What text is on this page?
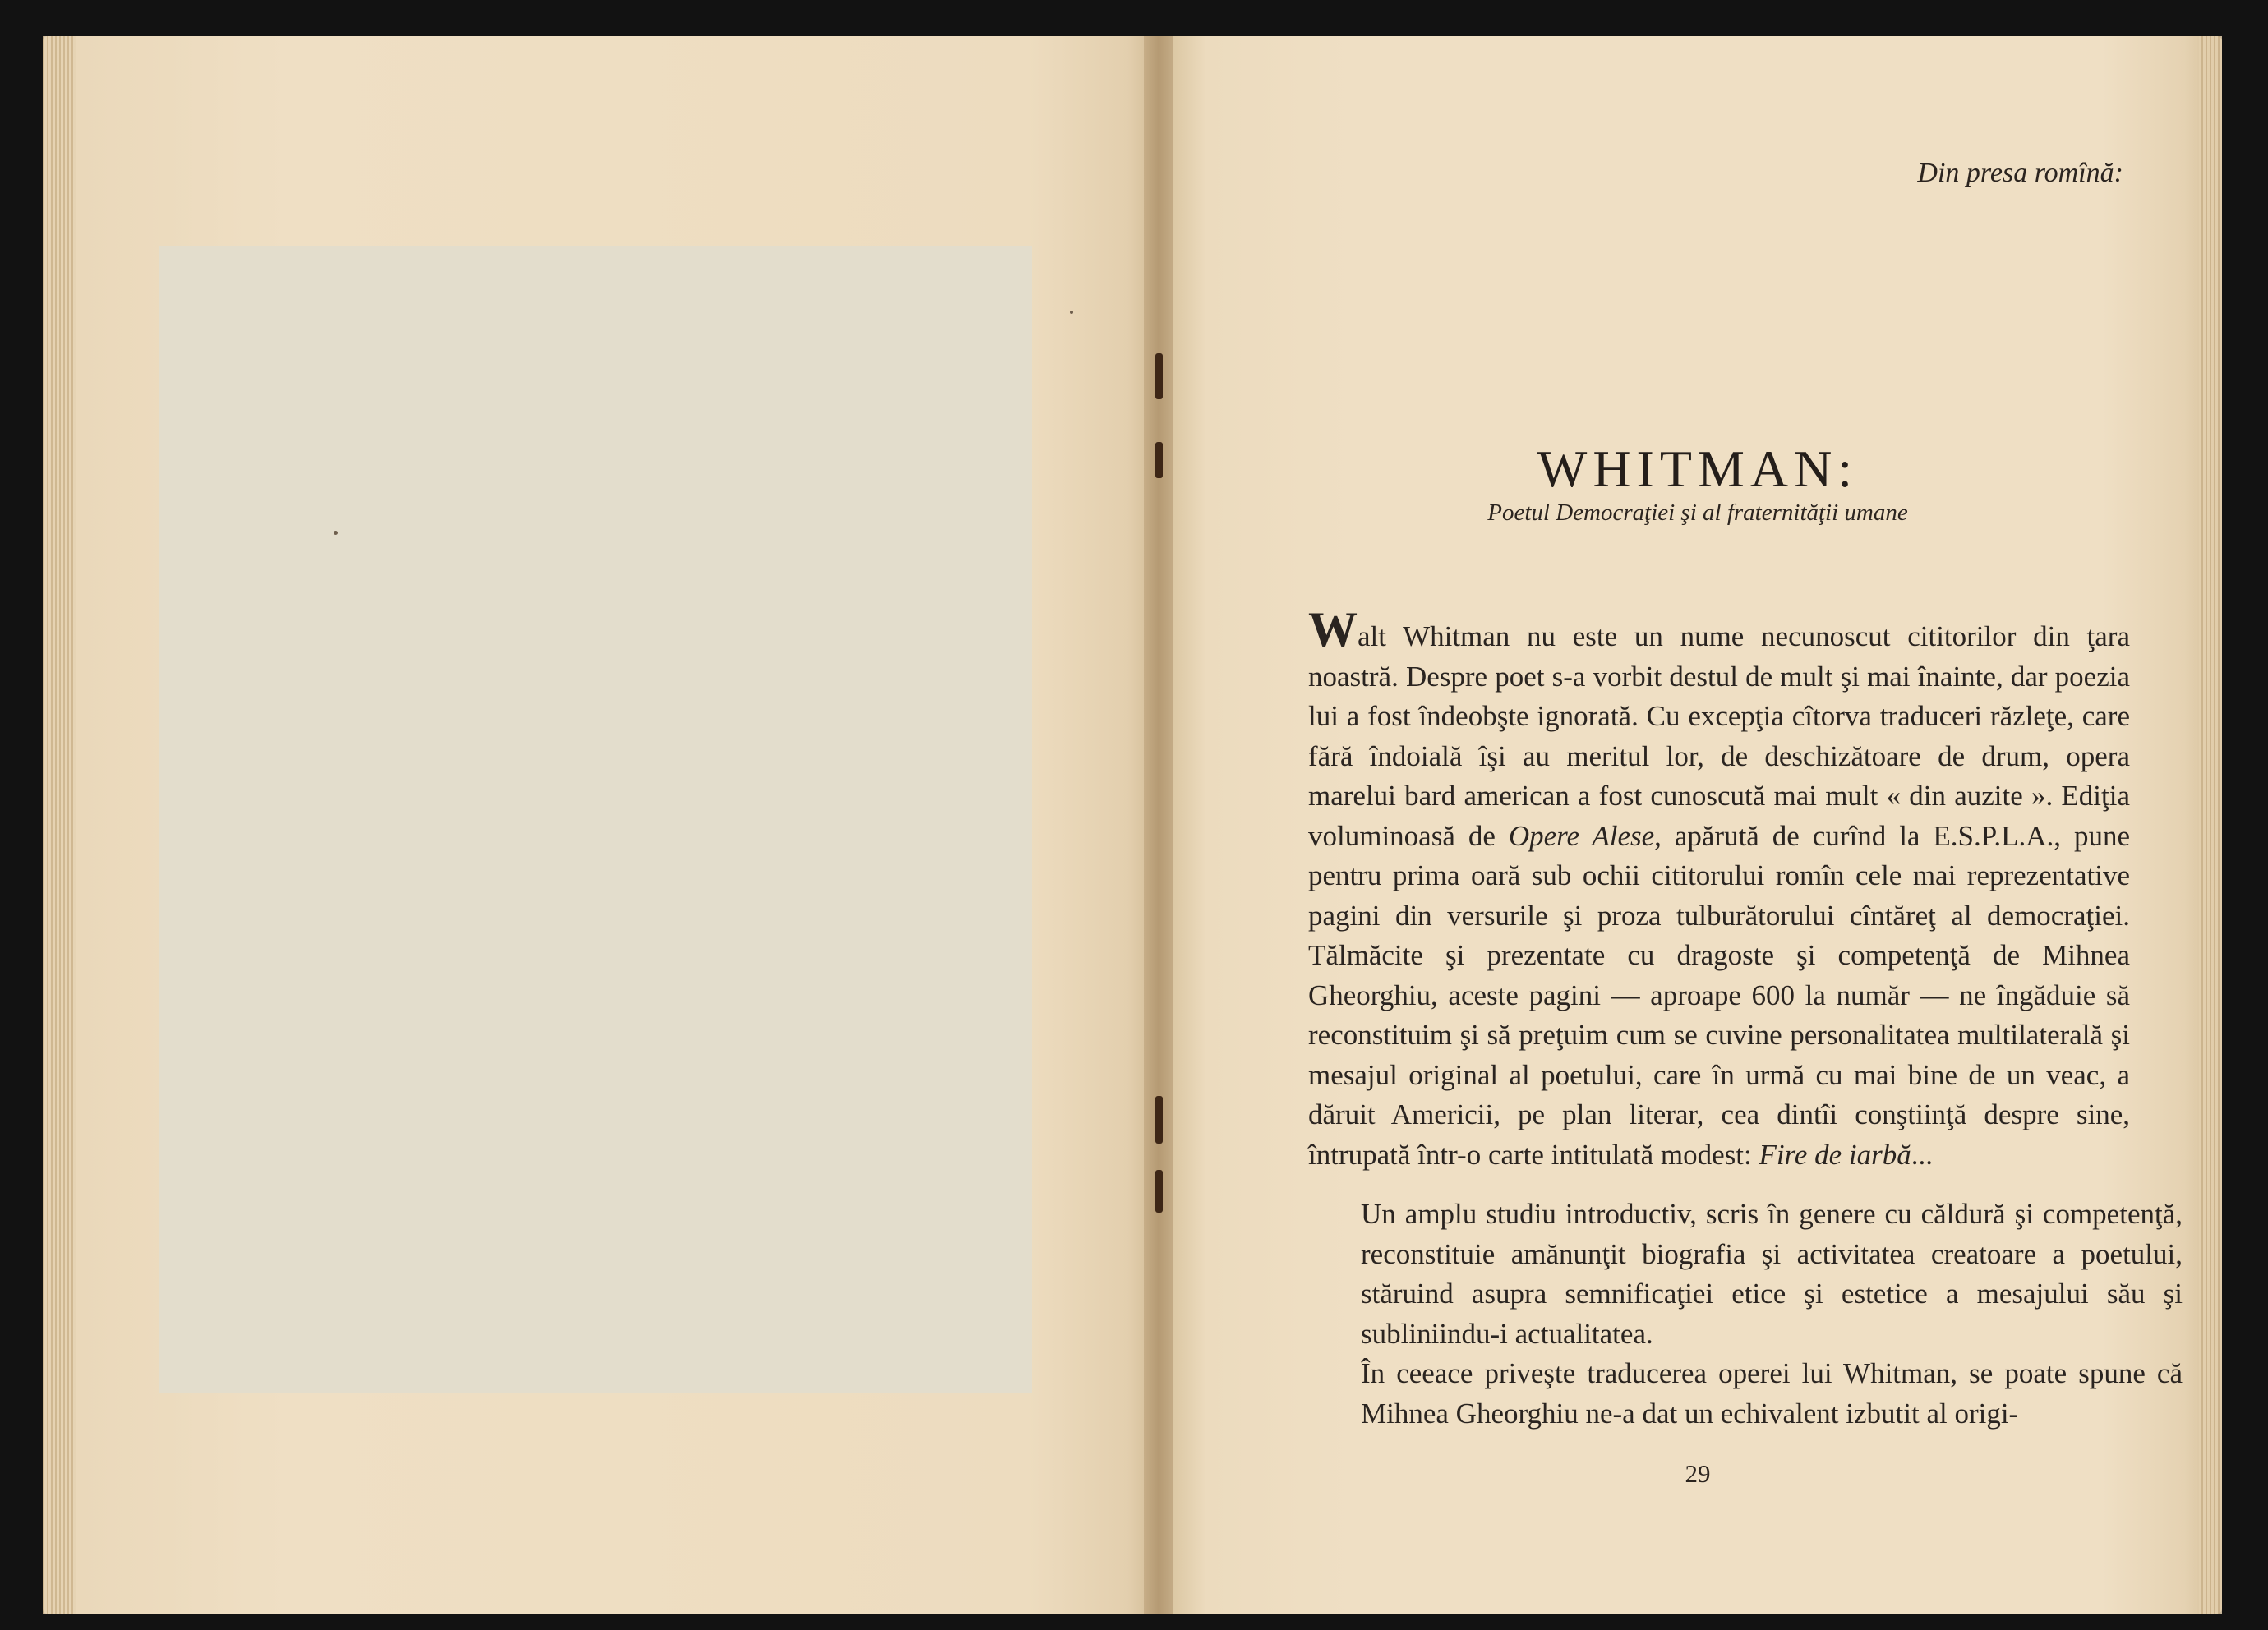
Din presa romînă:
WHITMAN:
Poetul Democraţiei şi al fraternităţii umane

Walt Whitman nu este un nume necunoscut cititorilor din ţara noastră. Despre poet s-a vorbit destul de mult şi mai înainte, dar poezia lui a fost îndeobşte ignorată. Cu excepţia cîtorva traduceri răzleţe, care fără îndoială îşi au meritul lor, de deschizătoare de drum, opera marelui bard american a fost cunoscută mai mult « din auzite ». Ediţia voluminoasă de Opere Alese, apărută de curînd la E.S.P.L.A., pune pentru prima oară sub ochii cititorului romîn cele mai reprezentative pagini din versurile şi proza tulburătorului cîntăreţ al democraţiei. Tălmăcite şi prezentate cu dragoste şi competenţă de Mihnea Gheorghiu, aceste pagini — aproape 600 la număr — ne îngăduie să reconstituim şi să preţuim cum se cuvine personalitatea multilaterală şi mesajul original al poetului, care în urmă cu mai bine de un veac, a dăruit Americii, pe plan literar, cea dintîi conştiinţă despre sine, întrupată într-o carte intitulată modest: Fire de iarbă...

Un amplu studiu introductiv, scris în genere cu căldură şi competenţă, reconstituie amănunţit biografia şi activitatea creatoare a poetului, stăruind asupra semnificaţiei etice şi estetice a mesajului său şi subliniindu-i actualitatea.

În ceeace priveşte traducerea operei lui Whitman, se poate spune că Mihnea Gheorghiu ne-a dat un echivalent izbutit al origi-

29
